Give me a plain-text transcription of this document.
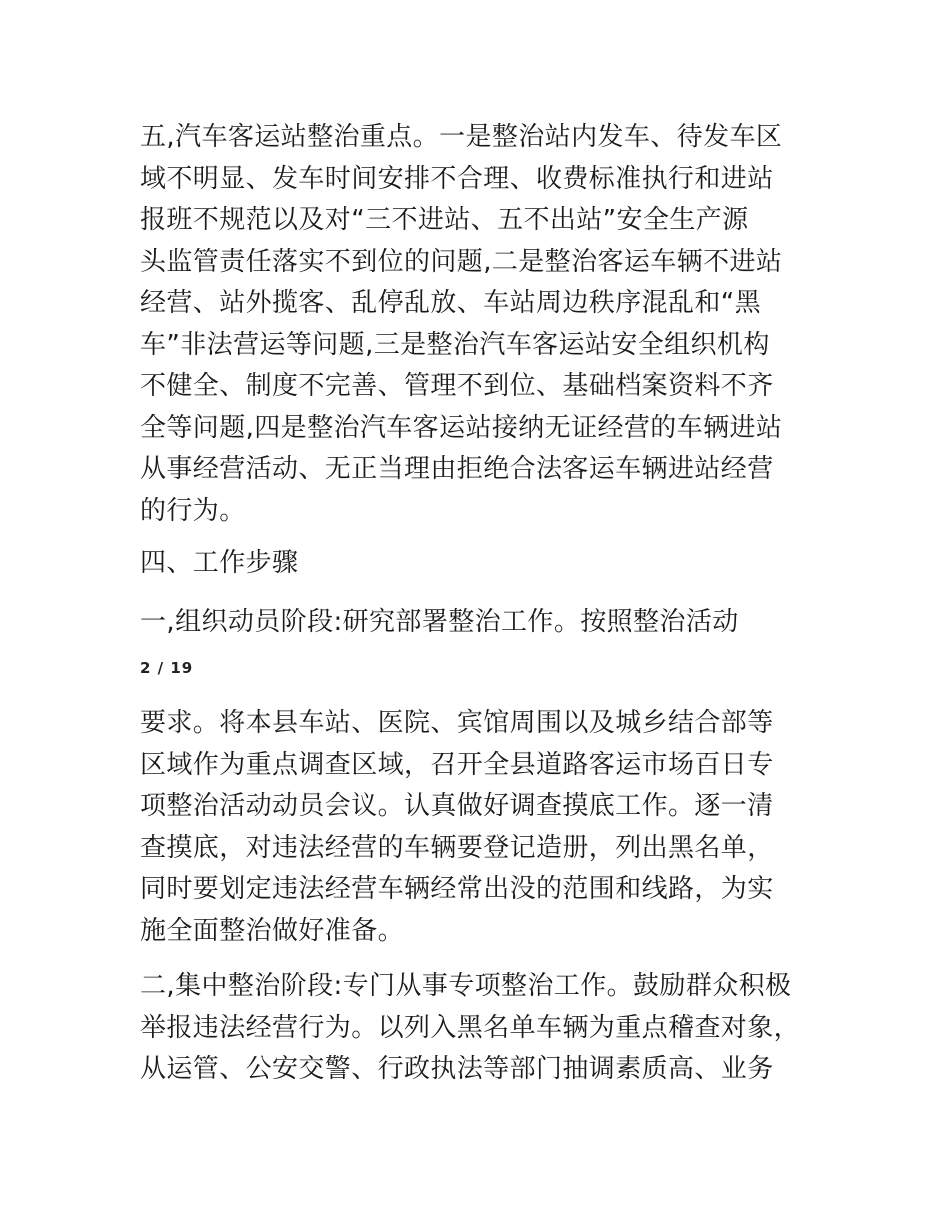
五,汽车客运站整治重点。一是整治站内发车、待发车区
域不明显、发车时间安排不合理、收费标准执行和进站
报班不规范以及对“三不进站、五不出站”安全生产源
头监管责任落实不到位的问题,二是整治客运车辆不进站
经营、站外揽客、乱停乱放、车站周边秩序混乱和“黑
车”非法营运等问题,三是整治汽车客运站安全组织机构
不健全、制度不完善、管理不到位、基础档案资料不齐
全等问题,四是整治汽车客运站接纳无证经营的车辆进站
从事经营活动、无正当理由拒绝合法客运车辆进站经营
的行为。

四、工作步骤

一,组织动员阶段:研究部署整治工作。按照整治活动

2 / 19

要求。将本县车站、医院、宾馆周围以及城乡结合部等
区域作为重点调查区域，召开全县道路客运市场百日专
项整治活动动员会议。认真做好调查摸底工作。逐一清
查摸底，对违法经营的车辆要登记造册，列出黑名单，
同时要划定违法经营车辆经常出没的范围和线路，为实
施全面整治做好准备。

二,集中整治阶段:专门从事专项整治工作。鼓励群众积极
举报违法经营行为。以列入黑名单车辆为重点稽查对象，
从运管、公安交警、行政执法等部门抽调素质高、业务
